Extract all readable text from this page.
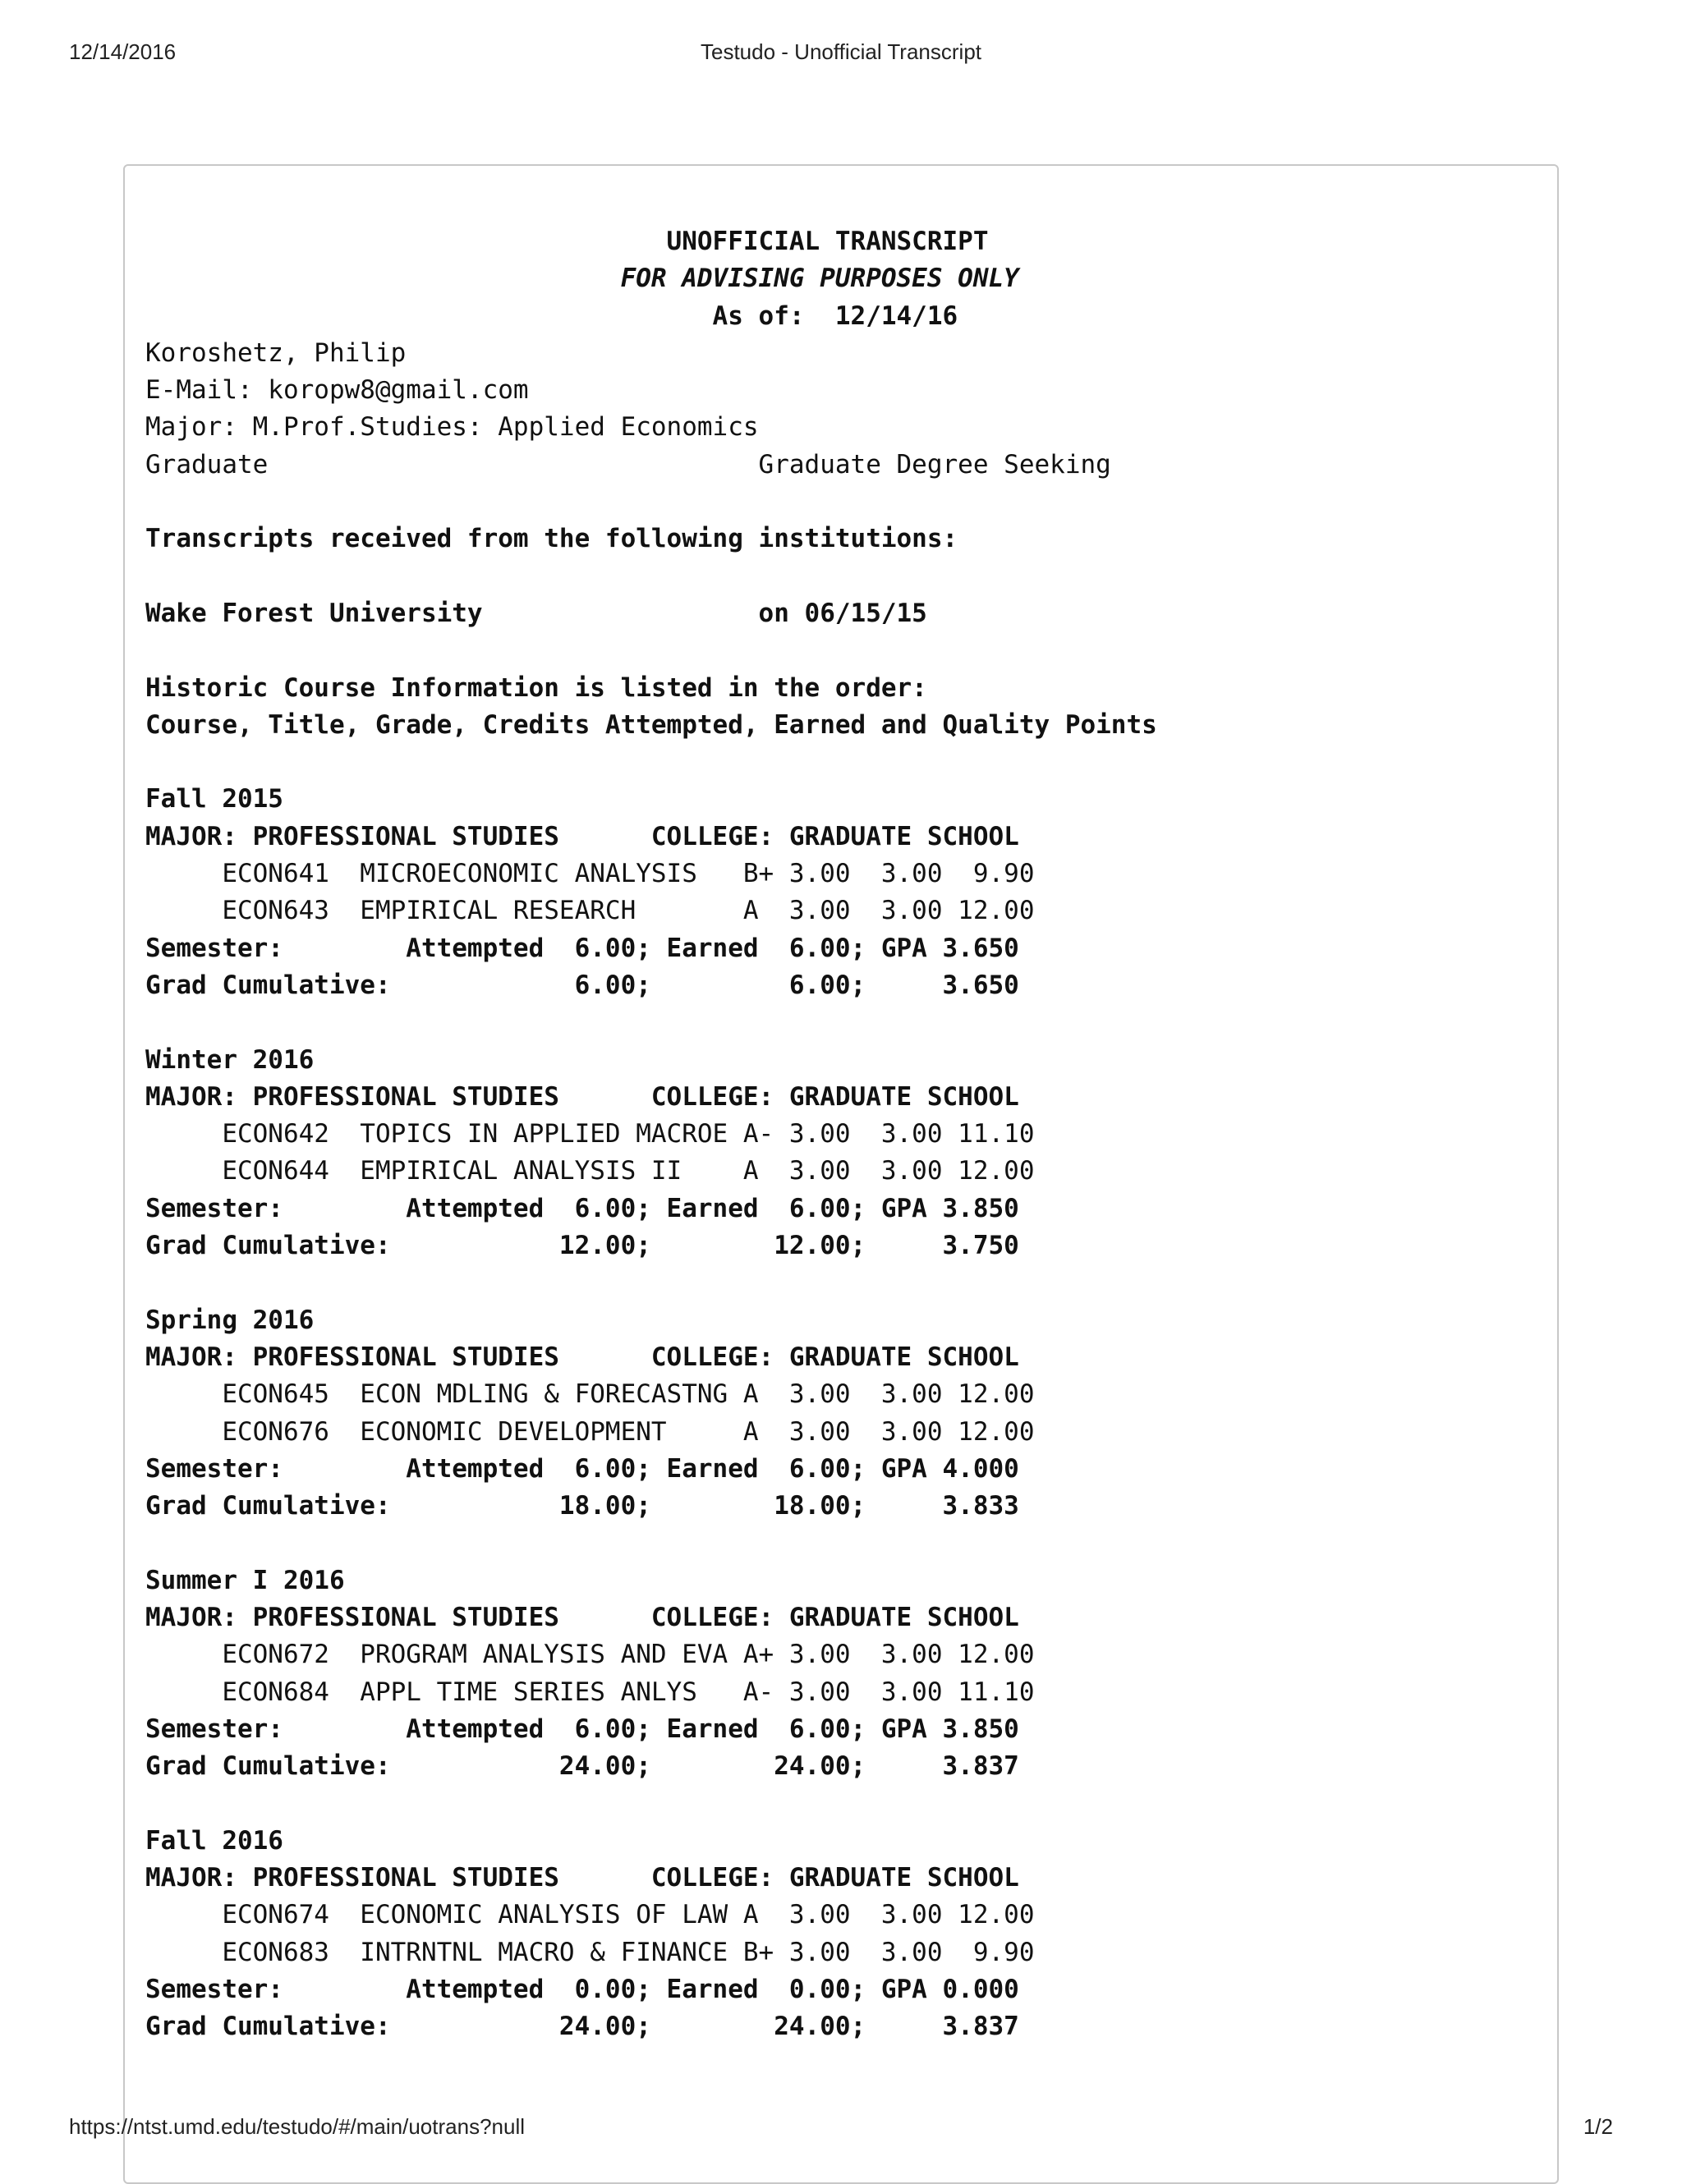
12/14/2016	Testudo - Unofficial Transcript
UNOFFICIAL TRANSCRIPT
FOR ADVISING PURPOSES ONLY
As of:  12/14/16
Koroshetz, Philip
E-Mail: koropw8@gmail.com
Major: M.Prof.Studies: Applied Economics
Graduate                                Graduate Degree Seeking
Transcripts received from the following institutions:
Wake Forest University                  on 06/15/15
Historic Course Information is listed in the order:
Course, Title, Grade, Credits Attempted, Earned and Quality Points
Fall 2015
MAJOR: PROFESSIONAL STUDIES      COLLEGE: GRADUATE SCHOOL
ECON641  MICROECONOMIC ANALYSIS   B+ 3.00  3.00  9.90
ECON643  EMPIRICAL RESEARCH       A  3.00  3.00 12.00
Semester:        Attempted  6.00; Earned  6.00; GPA 3.650
Grad Cumulative:            6.00;         6.00;     3.650
Winter 2016
MAJOR: PROFESSIONAL STUDIES      COLLEGE: GRADUATE SCHOOL
ECON642  TOPICS IN APPLIED MACROE A- 3.00  3.00 11.10
ECON644  EMPIRICAL ANALYSIS II    A  3.00  3.00 12.00
Semester:        Attempted  6.00; Earned  6.00; GPA 3.850
Grad Cumulative:           12.00;        12.00;     3.750
Spring 2016
MAJOR: PROFESSIONAL STUDIES      COLLEGE: GRADUATE SCHOOL
ECON645  ECON MDLING & FORECASTNG A  3.00  3.00 12.00
ECON676  ECONOMIC DEVELOPMENT     A  3.00  3.00 12.00
Semester:        Attempted  6.00; Earned  6.00; GPA 4.000
Grad Cumulative:           18.00;        18.00;     3.833
Summer I 2016
MAJOR: PROFESSIONAL STUDIES      COLLEGE: GRADUATE SCHOOL
ECON672  PROGRAM ANALYSIS AND EVA A+ 3.00  3.00 12.00
ECON684  APPL TIME SERIES ANLYS   A- 3.00  3.00 11.10
Semester:        Attempted  6.00; Earned  6.00; GPA 3.850
Grad Cumulative:           24.00;        24.00;     3.837
Fall 2016
MAJOR: PROFESSIONAL STUDIES      COLLEGE: GRADUATE SCHOOL
ECON674  ECONOMIC ANALYSIS OF LAW A  3.00  3.00 12.00
ECON683  INTRNTNL MACRO & FINANCE B+ 3.00  3.00  9.90
Semester:        Attempted  0.00; Earned  0.00; GPA 0.000
Grad Cumulative:           24.00;        24.00;     3.837
https://ntst.umd.edu/testudo/#/main/uotrans?null	1/2
